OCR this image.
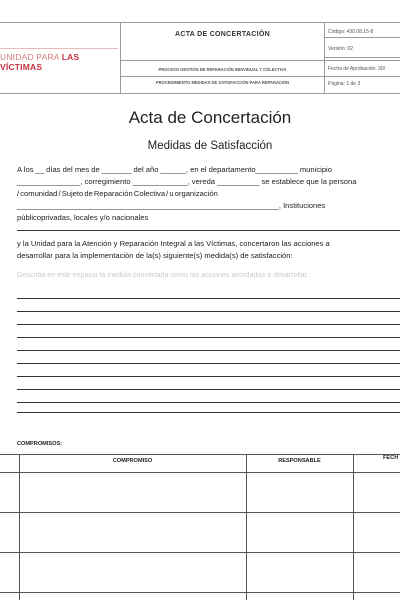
UNIDAD PARA LAS VÍCTIMAS
ACTA DE CONCERTACIÓN
PROCESO GESTIÓN DE REPARACIÓN INDIVIDUAL Y COLECTIVA
PROCEDIMIENTO MEDIDAS DE SATISFACCIÓN PARA REPARACIÓN
Código: 430.08.15-8
Versión: 02
Fecha de Aprobación: 30/
Página: 1 de 3
Acta de Concertación
Medidas de Satisfacción
A los __ días del mes de _______ del año ______, en el departamento__________ municipio
_______________, corregimiento _____________, vereda __________ se establece que la persona
/ comunidad / Sujeto de Reparación Colectiva / u organización
______________________________________________________________, Instituciones
públicoprivadas, locales y/o nacionales
y la Unidad para la Atención y Reparación Integral a las Víctimas, concertaron las acciones a
desarrollar para la implementación de la(s) siguiente(s) medida(s) de satisfacción:
Describa en este espacio la medida concertada como las acciones acordadas a desarrollar.
COMPROMISOS:
COMPROMISO	RESPONSABLE	FECH
